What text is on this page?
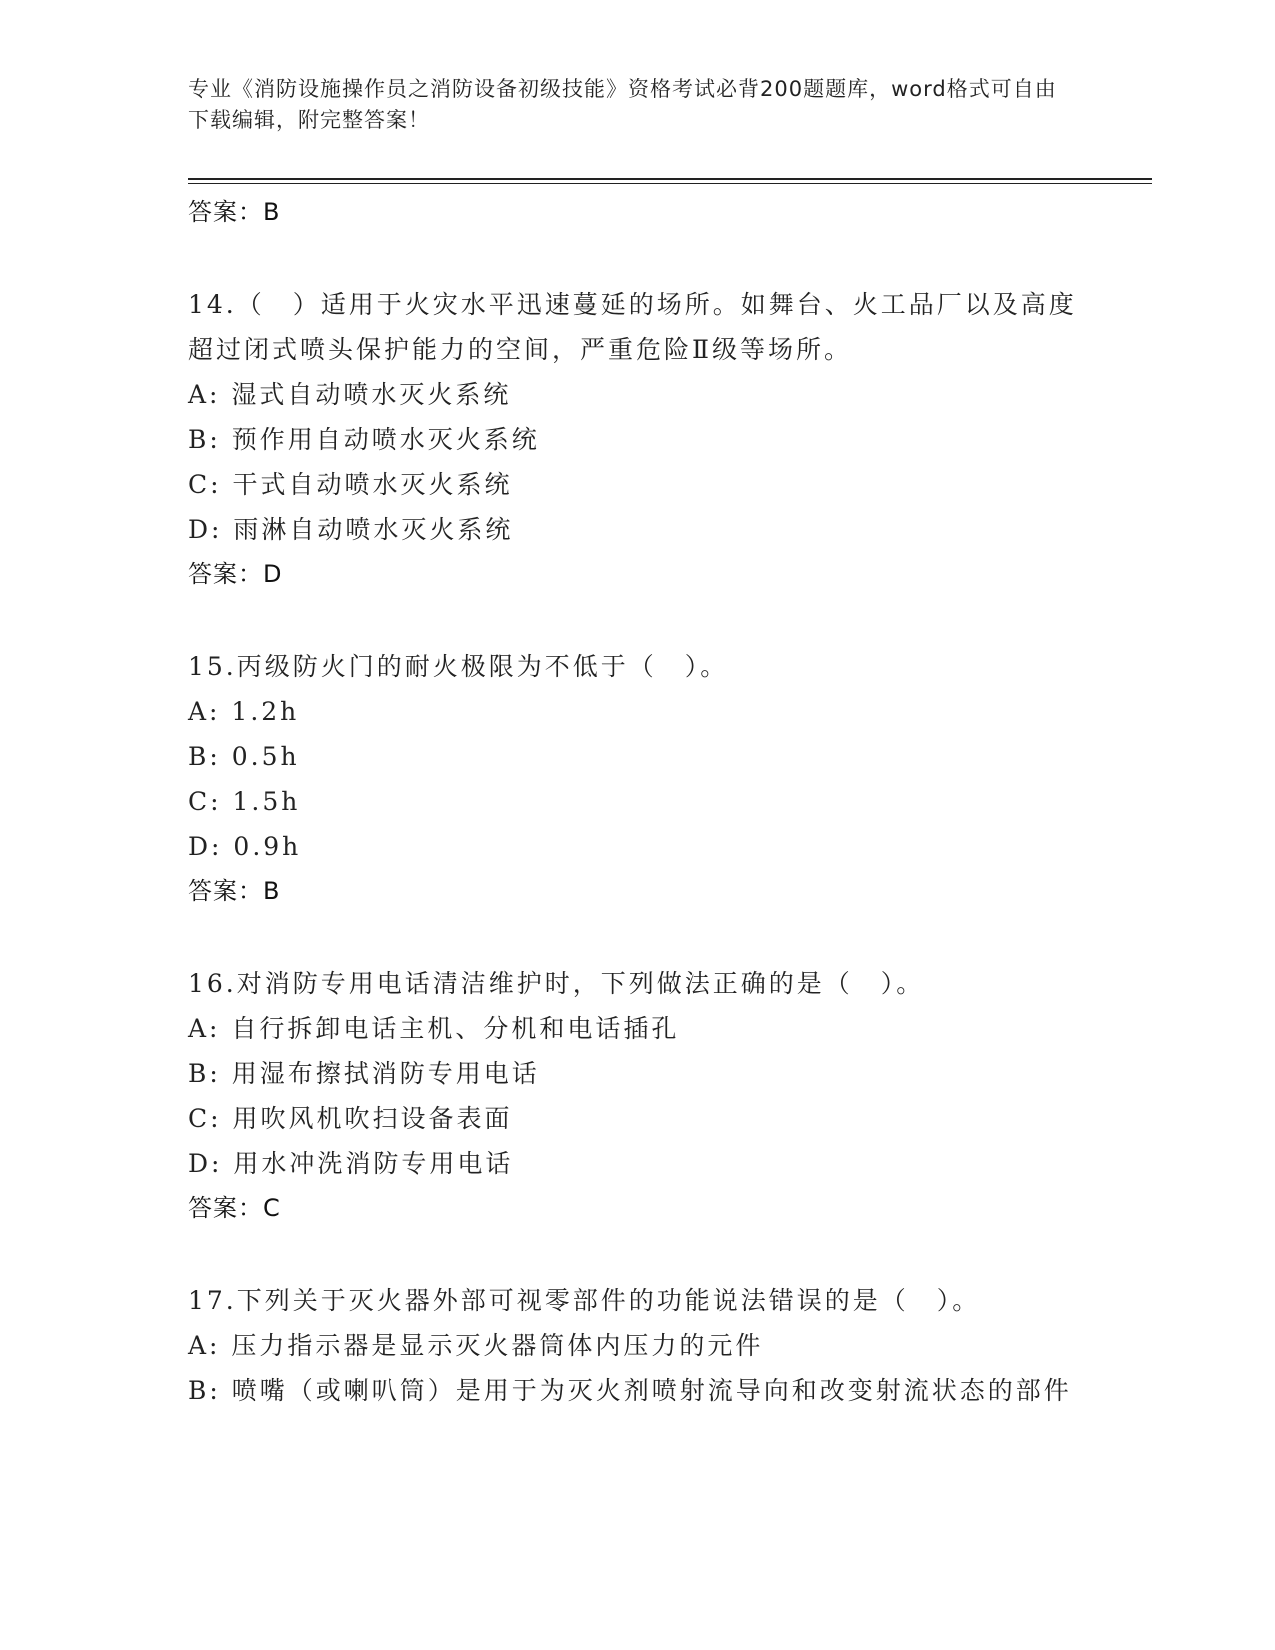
专业《消防设施操作员之消防设备初级技能》资格考试必背200题题库，word格式可自由下载编辑，附完整答案！
答案：B
14.（　）适用于火灾水平迅速蔓延的场所。如舞台、火工品厂以及高度超过闭式喷头保护能力的空间，严重危险Ⅱ级等场所。
A: 湿式自动喷水灭火系统
B: 预作用自动喷水灭火系统
C: 干式自动喷水灭火系统
D: 雨淋自动喷水灭火系统
答案：D
15.丙级防火门的耐火极限为不低于（　）。
A: 1.2h
B: 0.5h
C: 1.5h
D: 0.9h
答案：B
16.对消防专用电话清洁维护时，下列做法正确的是（　）。
A: 自行拆卸电话主机、分机和电话插孔
B: 用湿布擦拭消防专用电话
C: 用吹风机吹扫设备表面
D: 用水冲洗消防专用电话
答案：C
17.下列关于灭火器外部可视零部件的功能说法错误的是（　）。
A: 压力指示器是显示灭火器筒体内压力的元件
B: 喷嘴（或喇叭筒）是用于为灭火剂喷射流导向和改变射流状态的部件
